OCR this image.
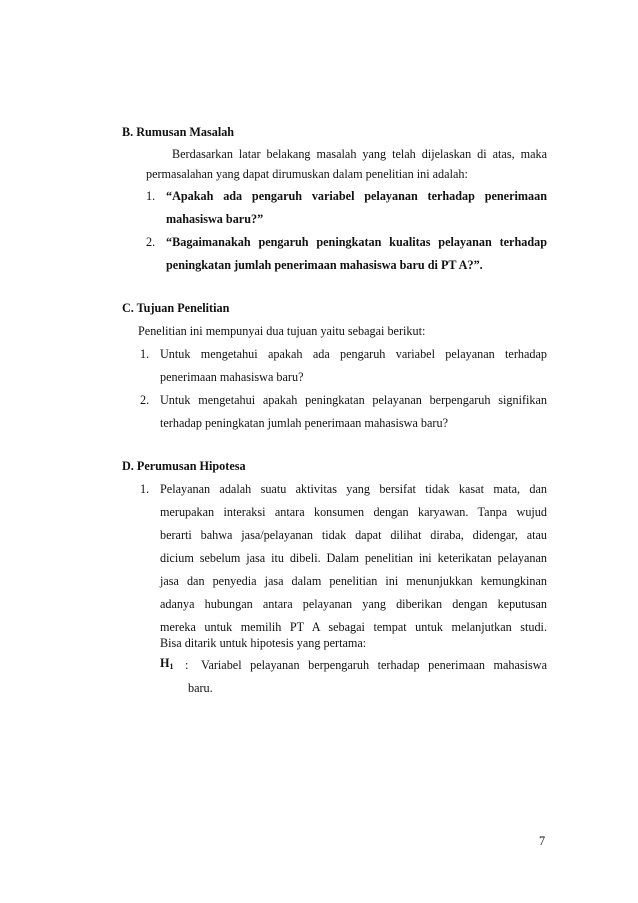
B. Rumusan Masalah
Berdasarkan latar belakang masalah yang telah dijelaskan di atas, maka
permasalahan yang dapat dirumuskan dalam penelitian ini adalah:
1. “Apakah ada pengaruh variabel pelayanan terhadap penerimaan
mahasiswa baru?”
2. “Bagaimanakah pengaruh peningkatan kualitas pelayanan terhadap
peningkatan jumlah penerimaan mahasiswa baru di PT A?”.
C. Tujuan Penelitian
Penelitian ini mempunyai dua tujuan yaitu sebagai berikut:
1. Untuk mengetahui apakah ada pengaruh variabel pelayanan terhadap
penerimaan mahasiswa baru?
2. Untuk mengetahui apakah peningkatan pelayanan berpengaruh signifikan
terhadap peningkatan jumlah penerimaan mahasiswa baru?
D. Perumusan Hipotesa
1. Pelayanan adalah suatu aktivitas yang bersifat tidak kasat mata, dan
merupakan interaksi antara konsumen dengan karyawan. Tanpa wujud
berarti bahwa jasa/pelayanan tidak dapat dilihat diraba, didengar, atau
dicium sebelum jasa itu dibeli. Dalam penelitian ini keterikatan pelayanan
jasa dan penyedia jasa dalam penelitian ini menunjukkan kemungkinan
adanya hubungan antara pelayanan yang diberikan dengan keputusan
mereka untuk memilih PT A sebagai tempat untuk melanjutkan studi.
Bisa ditarik untuk hipotesis yang pertama:
$H_1$ : Variabel pelayanan berpengaruh terhadap penerimaan mahasiswa
baru.
7
